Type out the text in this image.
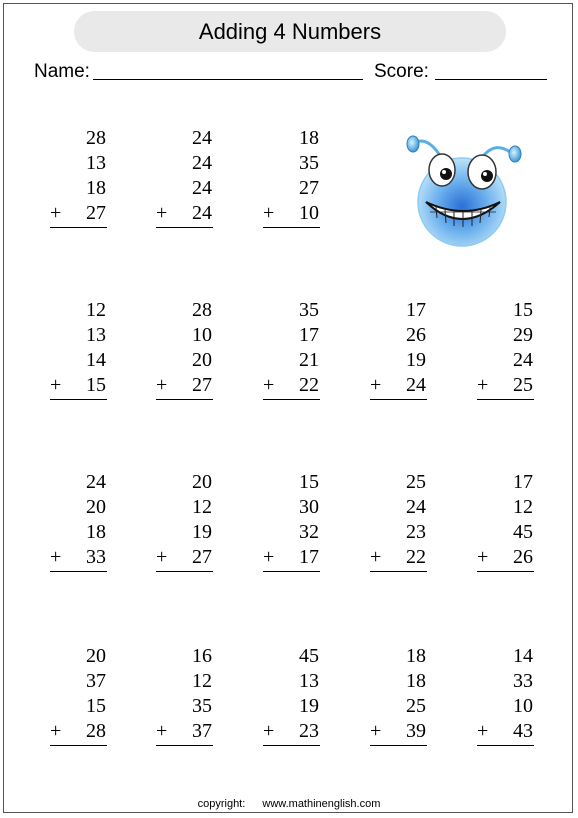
Adding 4 Numbers
Name:	Score:
28
13
18
+ 27
24
24
24
+ 24
18
35
27
+ 10
12
13
14
+ 15
28
10
20
+ 27
35
17
21
+ 22
17
26
19
+ 24
15
29
24
+ 25
24
20
18
+ 33
20
12
19
+ 27
15
30
32
+ 17
25
24
23
+ 22
17
12
45
+ 26
20
37
15
+ 28
16
12
35
+ 37
45
13
19
+ 23
18
18
25
+ 39
14
33
10
+ 43
copyright: www.mathinenglish.com
